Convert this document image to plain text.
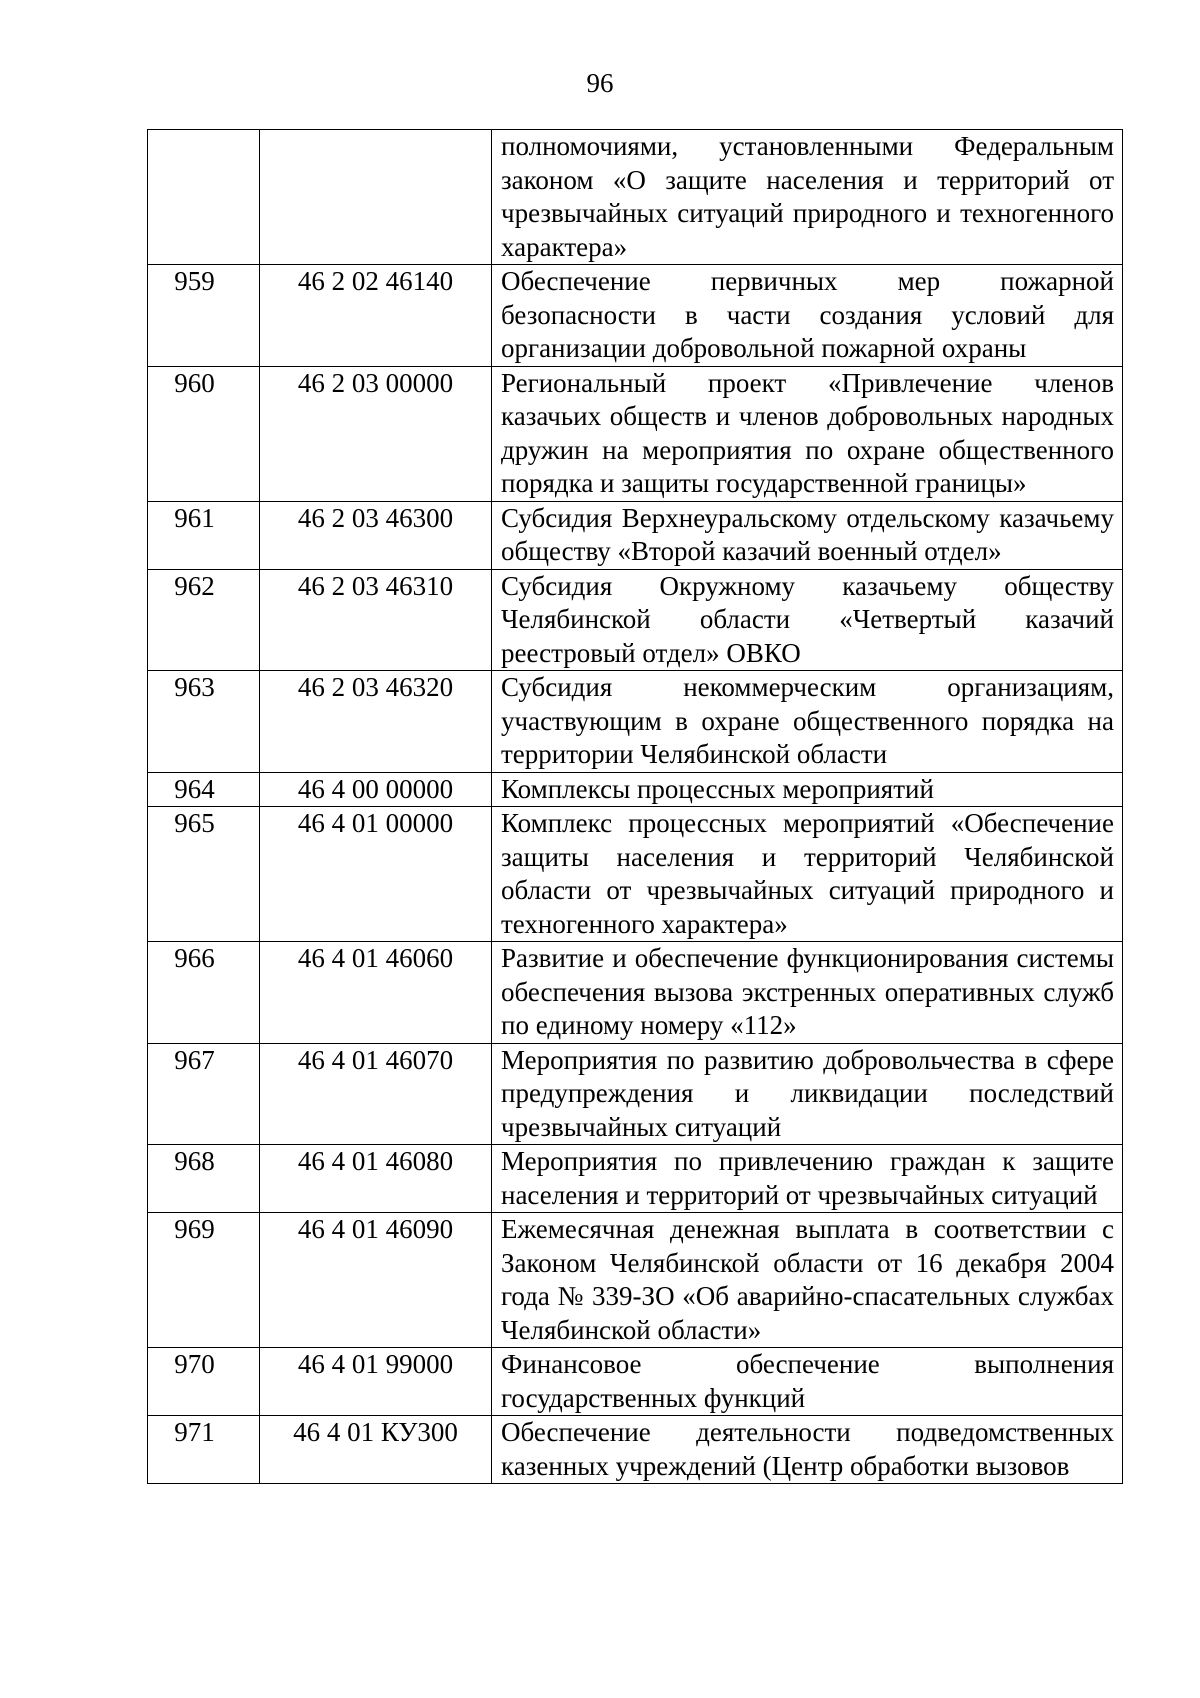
96
		полномочиями, установленными Федеральным законом «О защите населения и территорий от чрезвычайных ситуаций природного и техногенного характера»
959	46 2 02 46140	Обеспечение первичных мер пожарной безопасности в части создания условий для организации добровольной пожарной охраны
960	46 2 03 00000	Региональный проект «Привлечение членов казачьих обществ и членов добровольных народных дружин на мероприятия по охране общественного порядка и защиты государственной границы»
961	46 2 03 46300	Субсидия Верхнеуральскому отдельскому казачьему обществу «Второй казачий военный отдел»
962	46 2 03 46310	Субсидия Окружному казачьему обществу Челябинской области «Четвертый казачий реестровый отдел» ОВКО
963	46 2 03 46320	Субсидия некоммерческим организациям, участвующим в охране общественного порядка на территории Челябинской области
964	46 4 00 00000	Комплексы процессных мероприятий
965	46 4 01 00000	Комплекс процессных мероприятий «Обеспечение защиты населения и территорий Челябинской области от чрезвычайных ситуаций природного и техногенного характера»
966	46 4 01 46060	Развитие и обеспечение функционирования системы обеспечения вызова экстренных оперативных служб по единому номеру «112»
967	46 4 01 46070	Мероприятия по развитию добровольчества в сфере предупреждения и ликвидации последствий чрезвычайных ситуаций
968	46 4 01 46080	Мероприятия по привлечению граждан к защите населения и территорий от чрезвычайных ситуаций
969	46 4 01 46090	Ежемесячная денежная выплата в соответствии с Законом Челябинской области от 16 декабря 2004 года № 339-ЗО «Об аварийно-спасательных службах Челябинской области»
970	46 4 01 99000	Финансовое обеспечение выполнения государственных функций
971	46 4 01 КУ300	Обеспечение деятельности подведомственных казенных учреждений (Центр обработки вызовов
